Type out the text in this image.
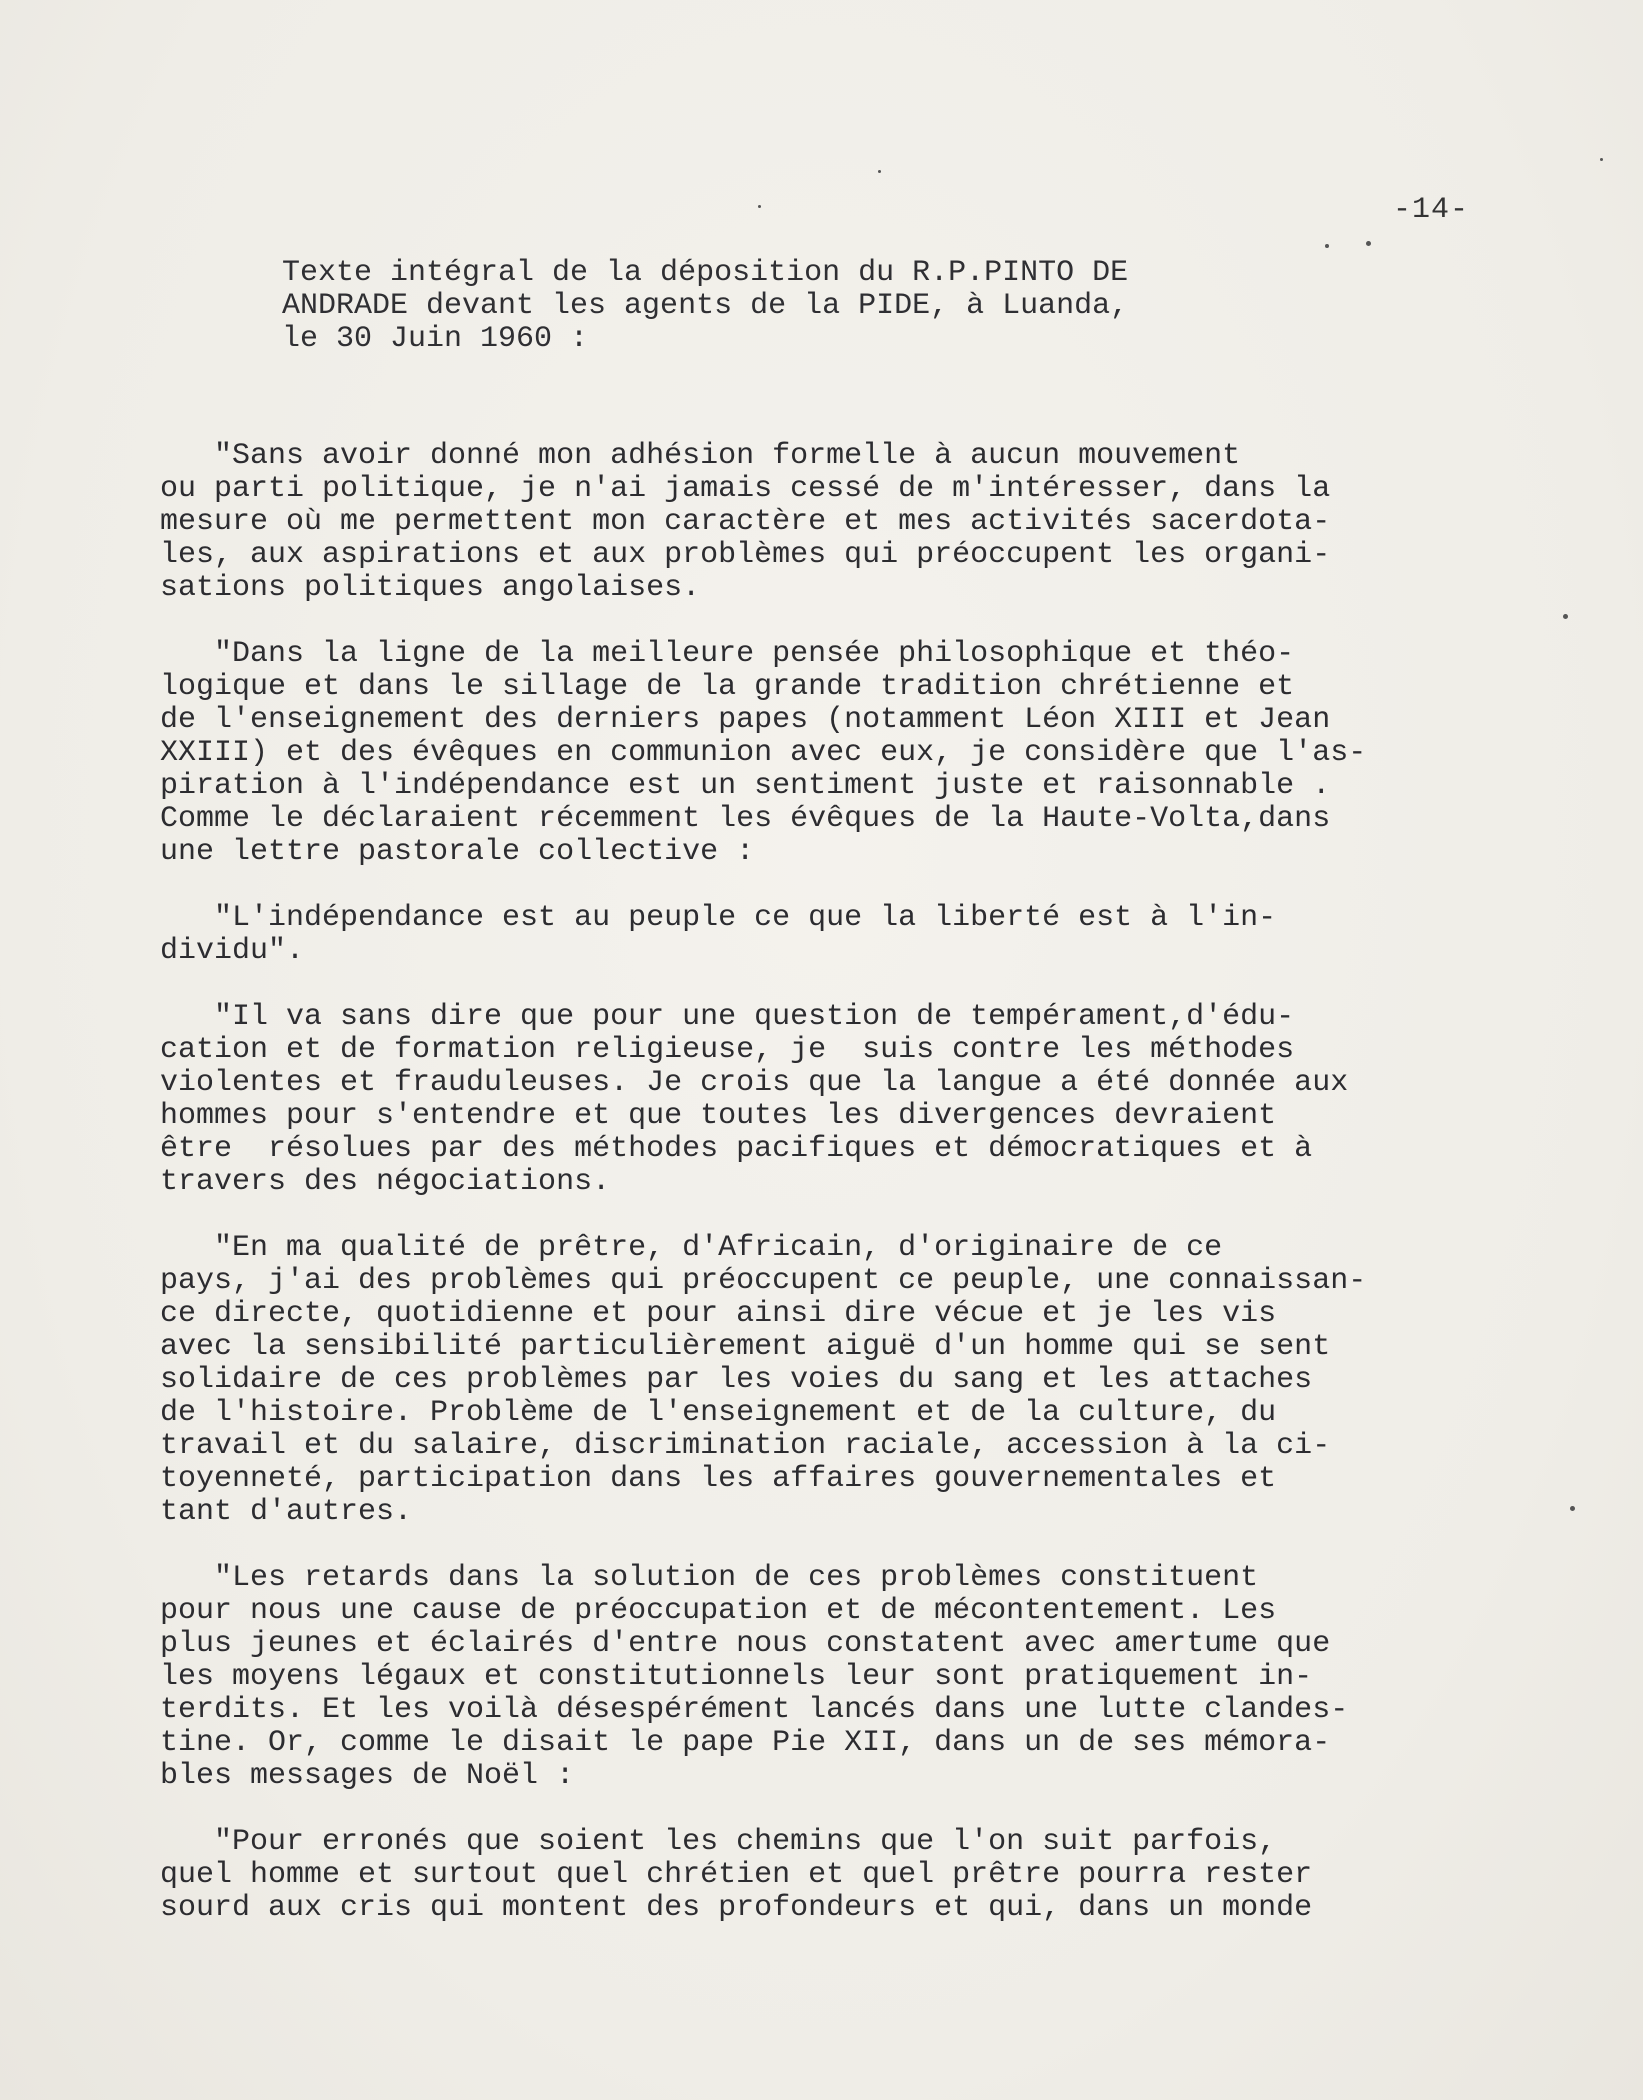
-14-
Texte intégral de la déposition du R.P.PINTO DE
ANDRADE devant les agents de la PIDE, à Luanda,
le 30 Juin 1960 :
"Sans avoir donné mon adhésion formelle à aucun mouvement
ou parti politique, je n'ai jamais cessé de m'intéresser, dans la
mesure où me permettent mon caractère et mes activités sacerdota-
les, aux aspirations et aux problèmes qui préoccupent les organi-
sations politiques angolaises.
"Dans la ligne de la meilleure pensée philosophique et théo-
logique et dans le sillage de la grande tradition chrétienne et
de l'enseignement des derniers papes (notamment Léon XIII et Jean
XXIII) et des évêques en communion avec eux, je considère que l'as-
piration à l'indépendance est un sentiment juste et raisonnable .
Comme le déclaraient récemment les évêques de la Haute-Volta,dans
une lettre pastorale collective :
"L'indépendance est au peuple ce que la liberté est à l'in-
dividu".
"Il va sans dire que pour une question de tempérament,d'édu-
cation et de formation religieuse, je  suis contre les méthodes
violentes et frauduleuses. Je crois que la langue a été donnée aux
hommes pour s'entendre et que toutes les divergences devraient
être  résolues par des méthodes pacifiques et démocratiques et à
travers des négociations.
"En ma qualité de prêtre, d'Africain, d'originaire de ce
pays, j'ai des problèmes qui préoccupent ce peuple, une connaissan-
ce directe, quotidienne et pour ainsi dire vécue et je les vis
avec la sensibilité particulièrement aiguë d'un homme qui se sent
solidaire de ces problèmes par les voies du sang et les attaches
de l'histoire. Problème de l'enseignement et de la culture, du
travail et du salaire, discrimination raciale, accession à la ci-
toyenneté, participation dans les affaires gouvernementales et
tant d'autres.
"Les retards dans la solution de ces problèmes constituent
pour nous une cause de préoccupation et de mécontentement. Les
plus jeunes et éclairés d'entre nous constatent avec amertume que
les moyens légaux et constitutionnels leur sont pratiquement in-
terdits. Et les voilà désespérément lancés dans une lutte clandes-
tine. Or, comme le disait le pape Pie XII, dans un de ses mémora-
bles messages de Noël :
"Pour erronés que soient les chemins que l'on suit parfois,
quel homme et surtout quel chrétien et quel prêtre pourra rester
sourd aux cris qui montent des profondeurs et qui, dans un monde
